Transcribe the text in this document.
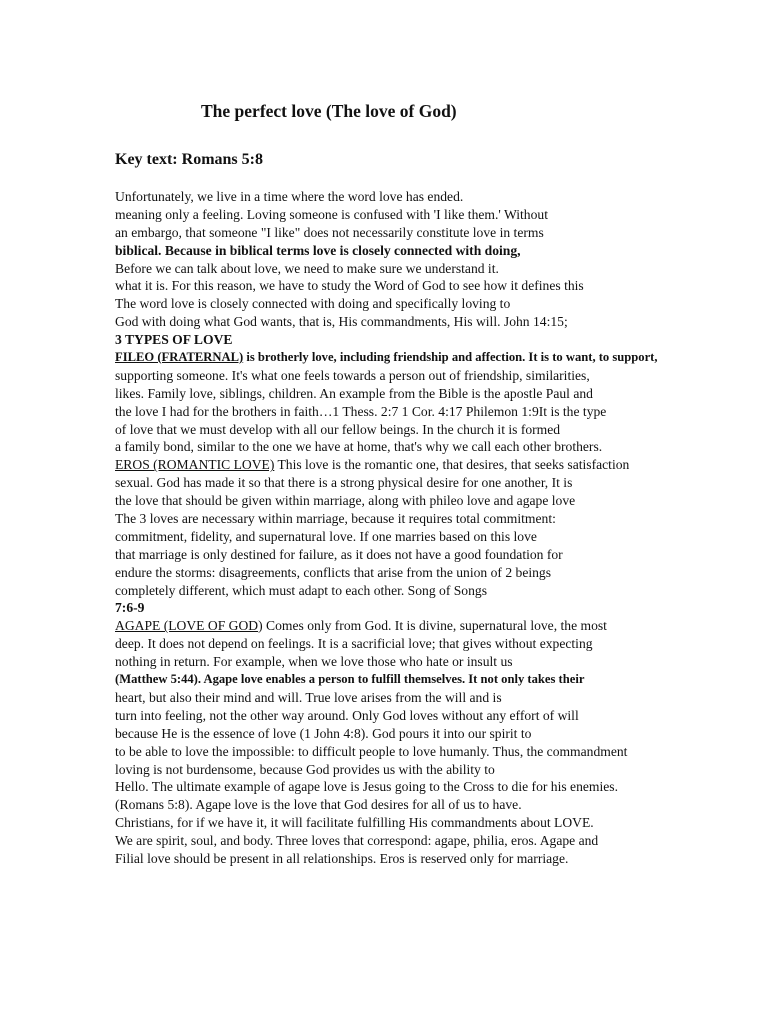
The perfect love (The love of God)
Key text: Romans 5:8
Unfortunately, we live in a time where the word love has ended.
meaning only a feeling. Loving someone is confused with 'I like them.' Without
an embargo, that someone "I like" does not necessarily constitute love in terms
biblical. Because in biblical terms love is closely connected with doing,
Before we can talk about love, we need to make sure we understand it.
what it is. For this reason, we have to study the Word of God to see how it defines this
The word love is closely connected with doing and specifically loving to
God with doing what God wants, that is, His commandments, His will. John 14:15;
3 TYPES OF LOVE
FILEO (FRATERNAL) is brotherly love, including friendship and affection. It is to want, to support,
supporting someone. It's what one feels towards a person out of friendship, similarities,
likes. Family love, siblings, children. An example from the Bible is the apostle Paul and
the love I had for the brothers in faith…1 Thess. 2:7 1 Cor. 4:17 Philemon 1:9It is the type
of love that we must develop with all our fellow beings. In the church it is formed
a family bond, similar to the one we have at home, that's why we call each other brothers.
EROS (ROMANTIC LOVE) This love is the romantic one, that desires, that seeks satisfaction
sexual. God has made it so that there is a strong physical desire for one another, It is
the love that should be given within marriage, along with phileo love and agape love
The 3 loves are necessary within marriage, because it requires total commitment:
commitment, fidelity, and supernatural love. If one marries based on this love
that marriage is only destined for failure, as it does not have a good foundation for
endure the storms: disagreements, conflicts that arise from the union of 2 beings
completely different, which must adapt to each other. Song of Songs
7:6-9
AGAPE (LOVE OF GOD) Comes only from God. It is divine, supernatural love, the most
deep. It does not depend on feelings. It is a sacrificial love; that gives without expecting
nothing in return. For example, when we love those who hate or insult us
(Matthew 5:44). Agape love enables a person to fulfill themselves. It not only takes their
heart, but also their mind and will. True love arises from the will and is
turn into feeling, not the other way around. Only God loves without any effort of will
because He is the essence of love (1 John 4:8). God pours it into our spirit to
to be able to love the impossible: to difficult people to love humanly. Thus, the commandment
loving is not burdensome, because God provides us with the ability to
Hello. The ultimate example of agape love is Jesus going to the Cross to die for his enemies.
(Romans 5:8). Agape love is the love that God desires for all of us to have.
Christians, for if we have it, it will facilitate fulfilling His commandments about LOVE.
We are spirit, soul, and body. Three loves that correspond: agape, philia, eros. Agape and
Filial love should be present in all relationships. Eros is reserved only for marriage.
